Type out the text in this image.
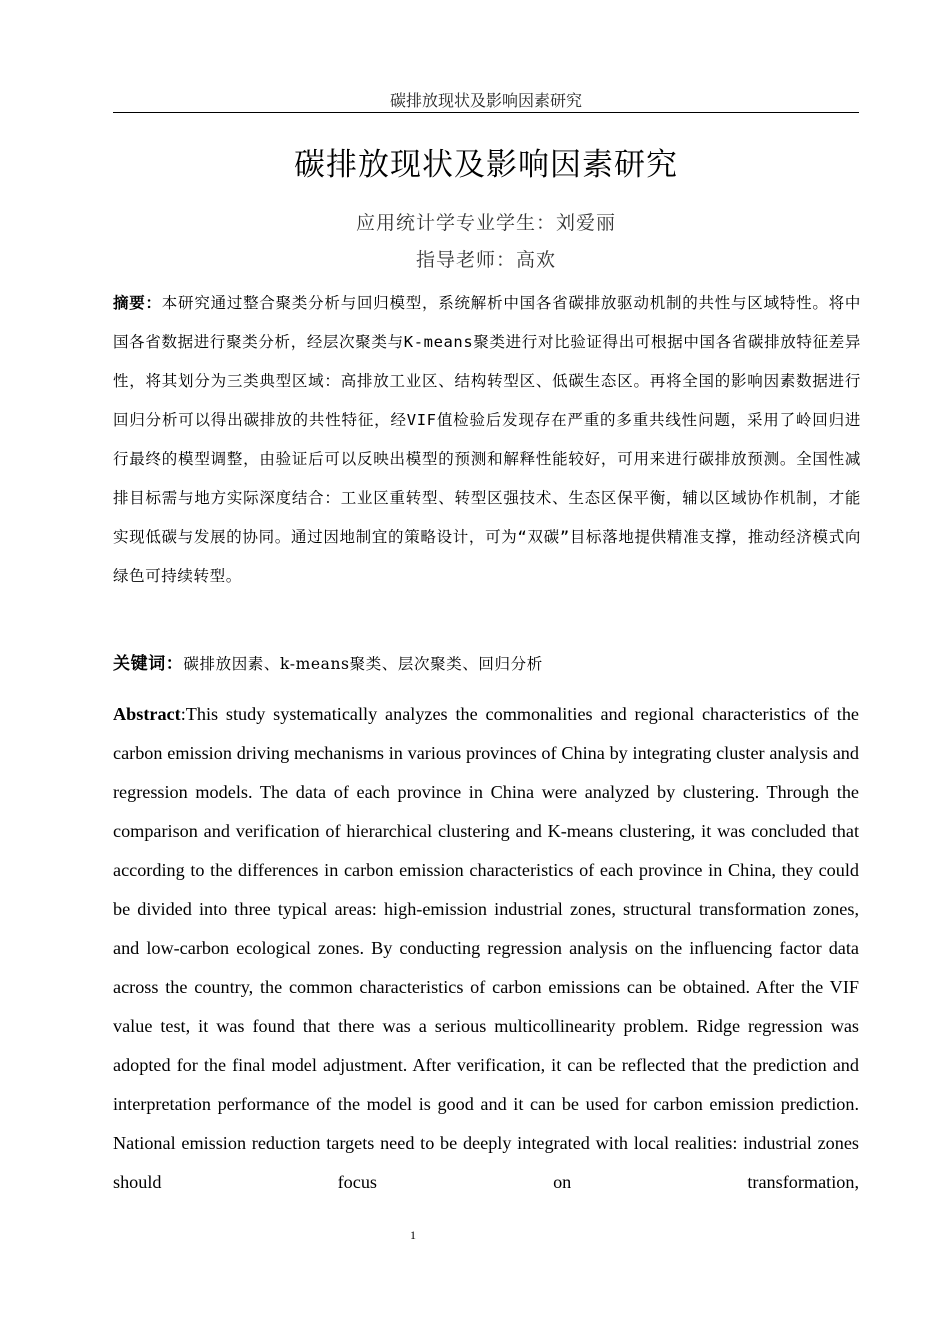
碳排放现状及影响因素研究
碳排放现状及影响因素研究
应用统计学专业学生：刘爱丽
指导老师：高欢
摘要：本研究通过整合聚类分析与回归模型，系统解析中国各省碳排放驱动机制的共性与区域特性。将中国各省数据进行聚类分析，经层次聚类与K-means聚类进行对比验证得出可根据中国各省碳排放特征差异性，将其划分为三类典型区域：高排放工业区、结构转型区、低碳生态区。再将全国的影响因素数据进行回归分析可以得出碳排放的共性特征，经VIF值检验后发现存在严重的多重共线性问题，采用了岭回归进行最终的模型调整，由验证后可以反映出模型的预测和解释性能较好，可用来进行碳排放预测。全国性减排目标需与地方实际深度结合：工业区重转型、转型区强技术、生态区保平衡，辅以区域协作机制，才能实现低碳与发展的协同。通过因地制宜的策略设计，可为“双碳”目标落地提供精准支撑，推动经济模式向绿色可持续转型。
关键词：碳排放因素、k-means聚类、层次聚类、回归分析
Abstract:This study systematically analyzes the commonalities and regional characteristics of the carbon emission driving mechanisms in various provinces of China by integrating cluster analysis and regression models. The data of each province in China were analyzed by clustering. Through the comparison and verification of hierarchical clustering and K-means clustering, it was concluded that according to the differences in carbon emission characteristics of each province in China, they could be divided into three typical areas: high-emission industrial zones, structural transformation zones, and low-carbon ecological zones. By conducting regression analysis on the influencing factor data across the country, the common characteristics of carbon emissions can be obtained. After the VIF value test, it was found that there was a serious multicollinearity problem. Ridge regression was adopted for the final model adjustment. After verification, it can be reflected that the prediction and interpretation performance of the model is good and it can be used for carbon emission prediction. National emission reduction targets need to be deeply integrated with local realities: industrial zones should focus on transformation,
1
